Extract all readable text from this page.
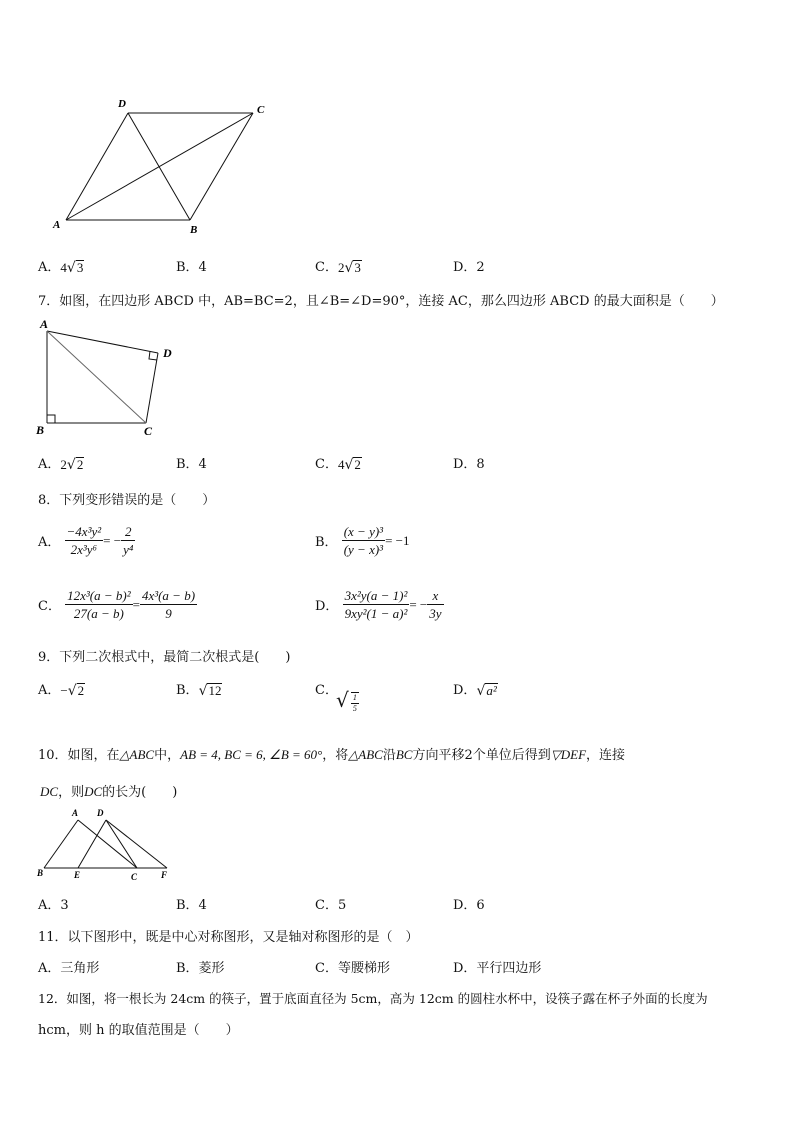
A	B
C
D
A．4√3	B．4	C．2√3	D．2
7．如图，在四边形 ABCD 中，AB=BC=2，且∠B=∠D=90°，连接 AC，那么四边形 ABCD 的最大面积是（　　）
A
B	C
D
A．2√2	B．4	C．4√2	D．8
8．下列变形错误的是（　　）
A． $\frac{\text{−4x³y²}}{\text{2x³y⁶}}$ = − $\frac{2}{\text{y⁴}}$	B． $\frac{\text{(x − y)³}}{\text{(y − x)³}} = -1$
C． $\frac{\text{12x³(a − b)²}}{27(a - b)} = \frac{\text{4x³(a − b)}}{9}$	D． $\frac{\text{3x²y(a − 1)²}}{\text{9xy²(1 − a)²}}$ = − $\frac{x}{3y}$
9．下列二次根式中，最简二次根式是(　　)
A．−√2	B．√12	C．
√ $\frac{1}{5}$
D．√a²
10．如图，在△ABC中，AB = 4, BC = 6, ∠B = 60°，将△ABC沿BC方向平移2个单位后得到▽DEF，连接
DC，则DC的长为(　　)
A
B	C
D
E	F
A．3	B．4	C．5	D．6
11．以下图形中，既是中心对称图形，又是轴对称图形的是（　）
A．三角形	B．菱形	C．等腰梯形	D．平行四边形
12．如图，将一根长为 24cm 的筷子，置于底面直径为 5cm，高为 12cm 的圆柱水杯中，设筷子露在杯子外面的长度为
hcm，则 h 的取值范围是（　　）
